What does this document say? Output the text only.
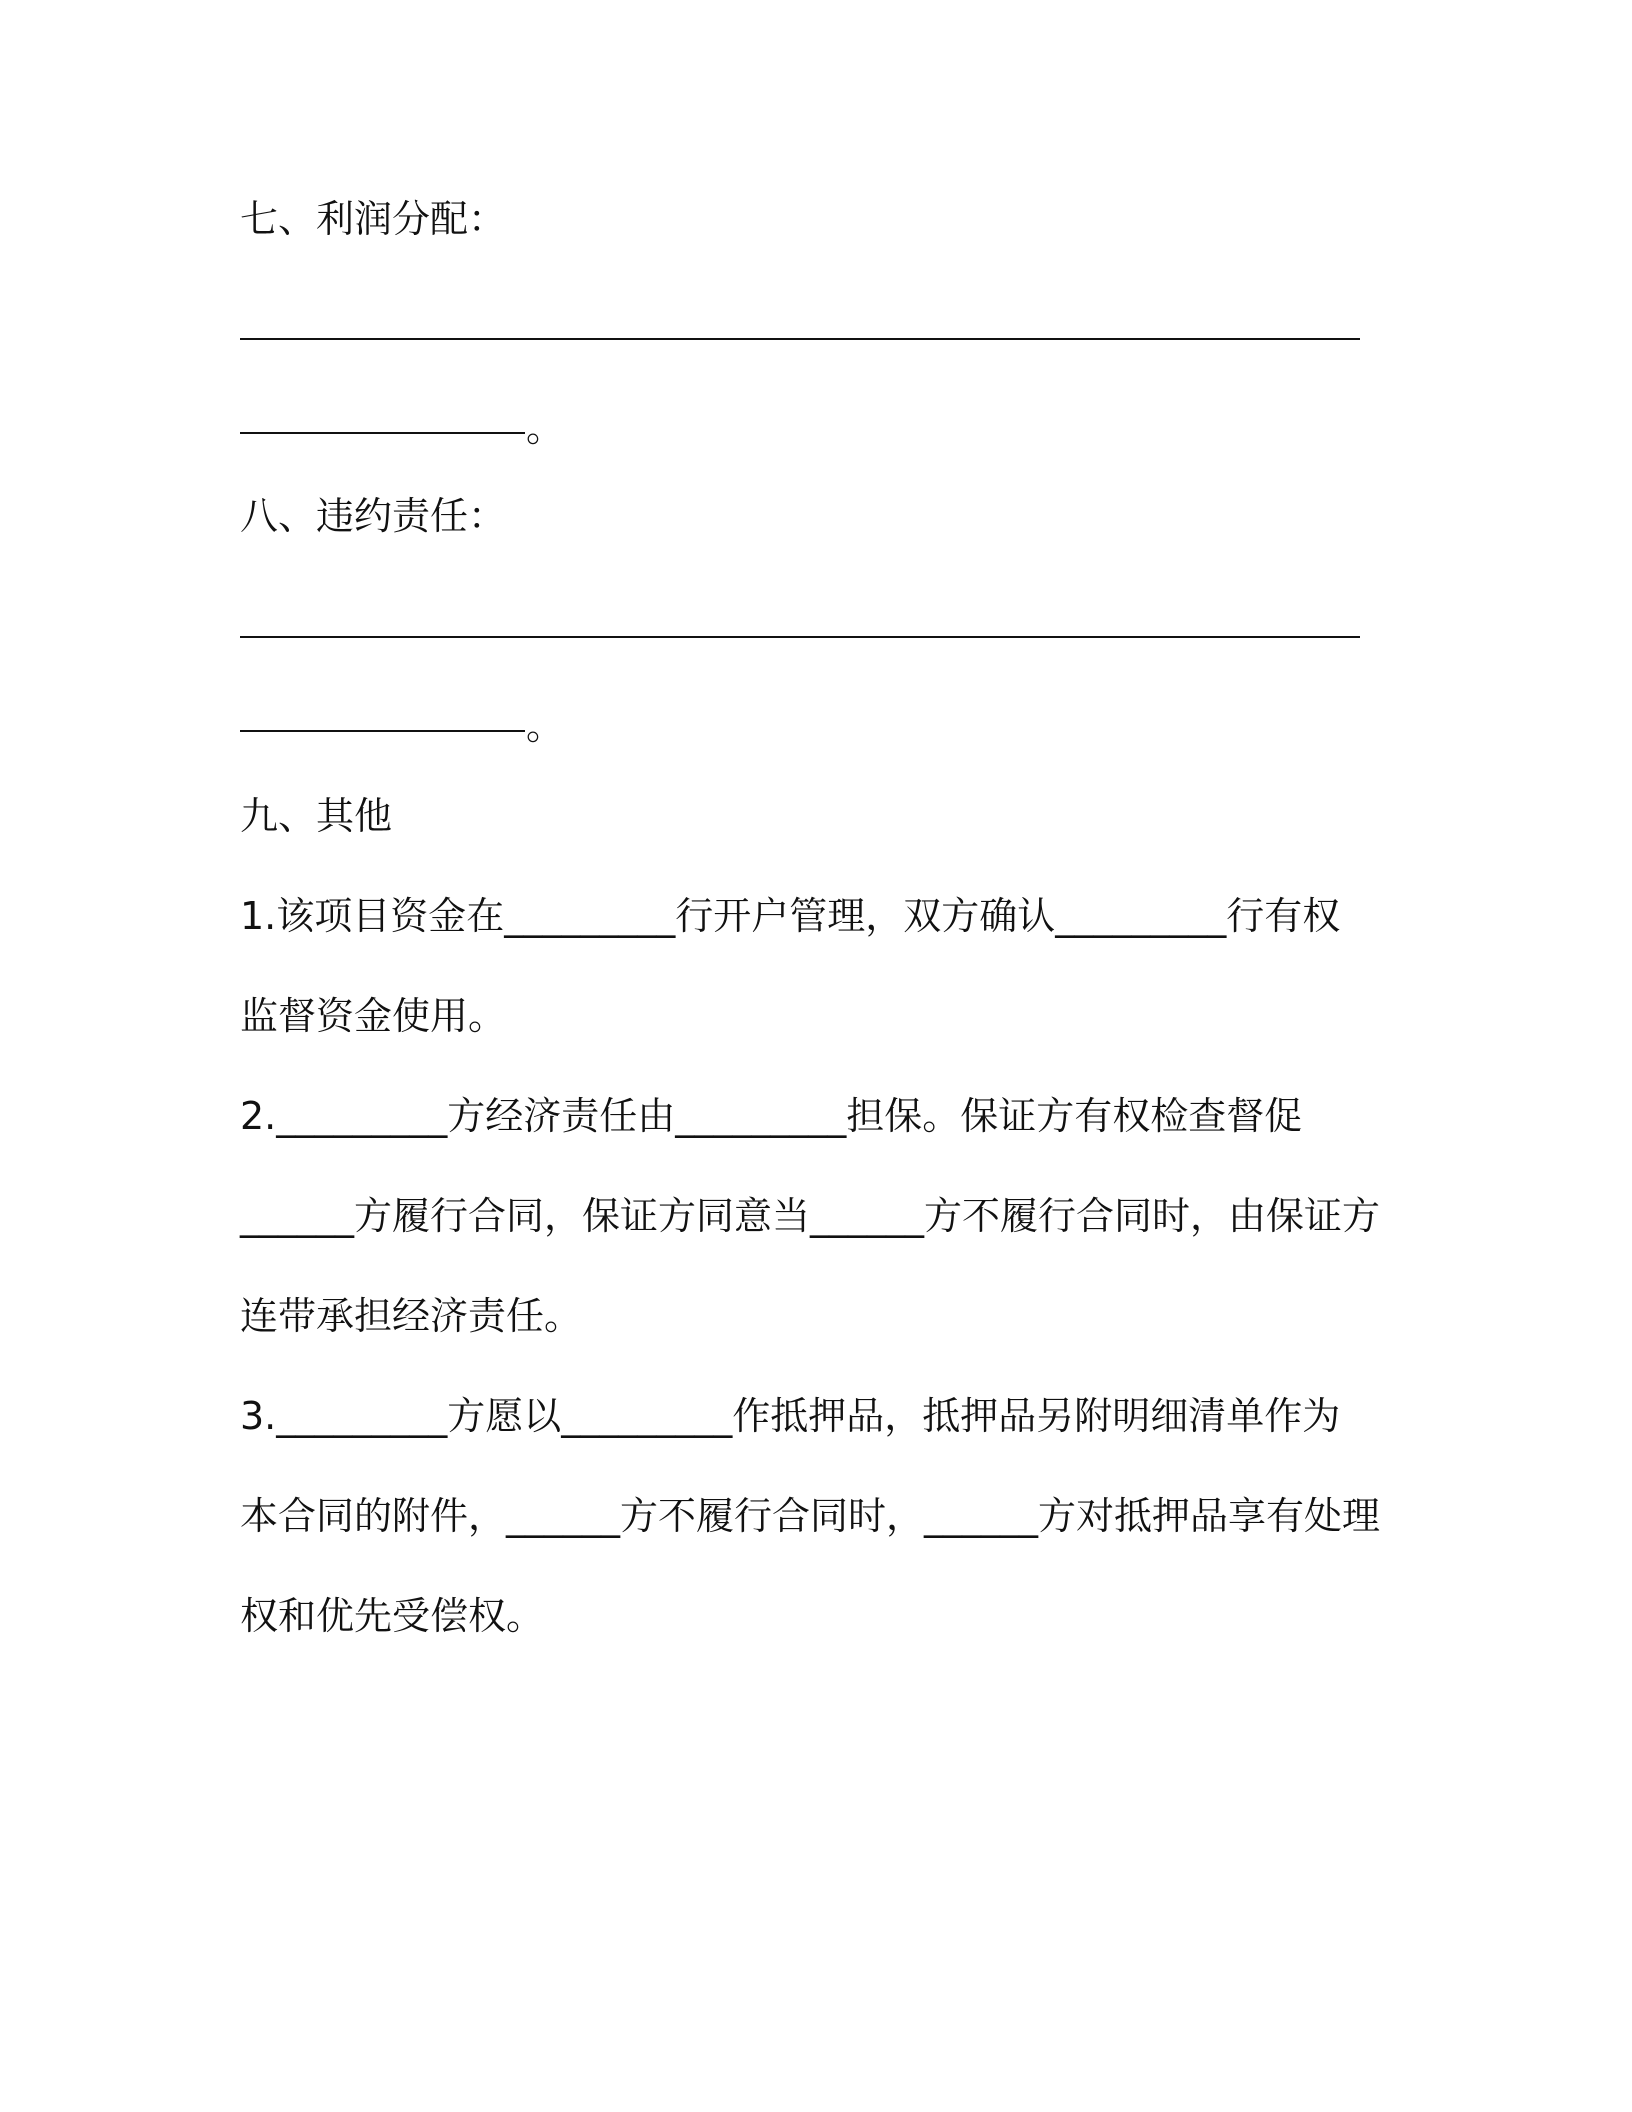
七、利润分配：
。
八、违约责任：
。
九、其他
1.该项目资金在_________行开户管理，双方确认_________行有权
监督资金使用。
2._________方经济责任由_________担保。保证方有权检查督促
______方履行合同，保证方同意当______方不履行合同时，由保证方
连带承担经济责任。
3._________方愿以_________作抵押品，抵押品另附明细清单作为
本合同的附件，______方不履行合同时，______方对抵押品享有处理
权和优先受偿权。
